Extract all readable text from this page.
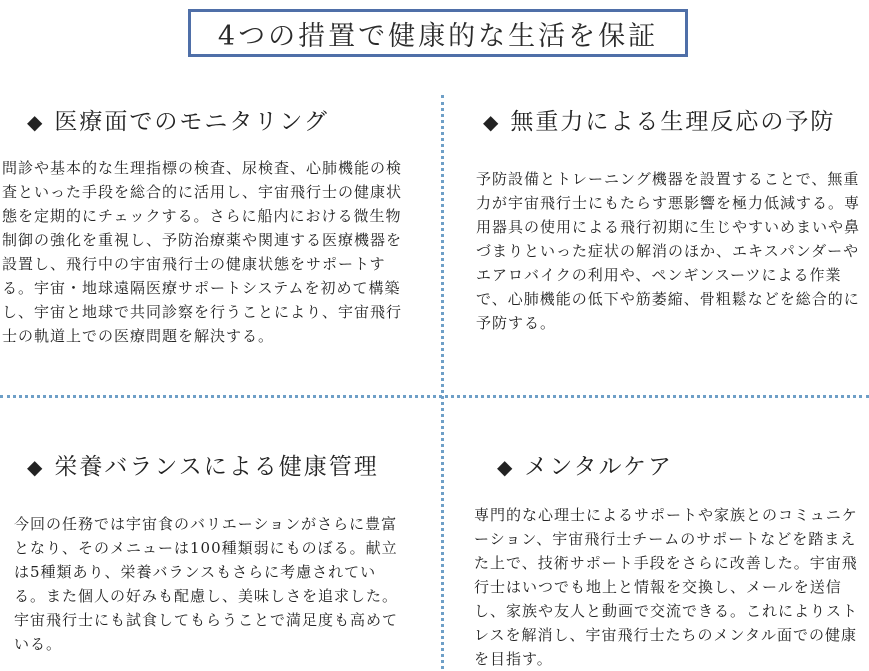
4つの措置で健康的な生活を保証
◆ 医療面でのモニタリング
問診や基本的な生理指標の検査、尿検査、心肺機能の検査といった手段を総合的に活用し、宇宙飛行士の健康状態を定期的にチェックする。さらに船内における微生物制御の強化を重視し、予防治療薬や関連する医療機器を設置し、飛行中の宇宙飛行士の健康状態をサポートする。宇宙・地球遠隔医療サポートシステムを初めて構築し、宇宙と地球で共同診察を行うことにより、宇宙飛行士の軌道上での医療問題を解決する。
◆ 無重力による生理反応の予防
予防設備とトレーニング機器を設置することで、無重力が宇宙飛行士にもたらす悪影響を極力低減する。専用器具の使用による飛行初期に生じやすいめまいや鼻づまりといった症状の解消のほか、エキスパンダーやエアロバイクの利用や、ペンギンスーツによる作業で、心肺機能の低下や筋萎縮、骨粗鬆などを総合的に予防する。
◆ 栄養バランスによる健康管理
今回の任務では宇宙食のバリエーションがさらに豊富となり、そのメニューは100種類弱にものぼる。献立は5種類あり、栄養バランスもさらに考慮されている。また個人の好みも配慮し、美味しさを追求した。宇宙飛行士にも試食してもらうことで満足度も高めている。
◆ メンタルケア
専門的な心理士によるサポートや家族とのコミュニケーション、宇宙飛行士チームのサポートなどを踏まえた上で、技術サポート手段をさらに改善した。宇宙飛行士はいつでも地上と情報を交換し、メールを送信し、家族や友人と動画で交流できる。これによりストレスを解消し、宇宙飛行士たちのメンタル面での健康を目指す。
